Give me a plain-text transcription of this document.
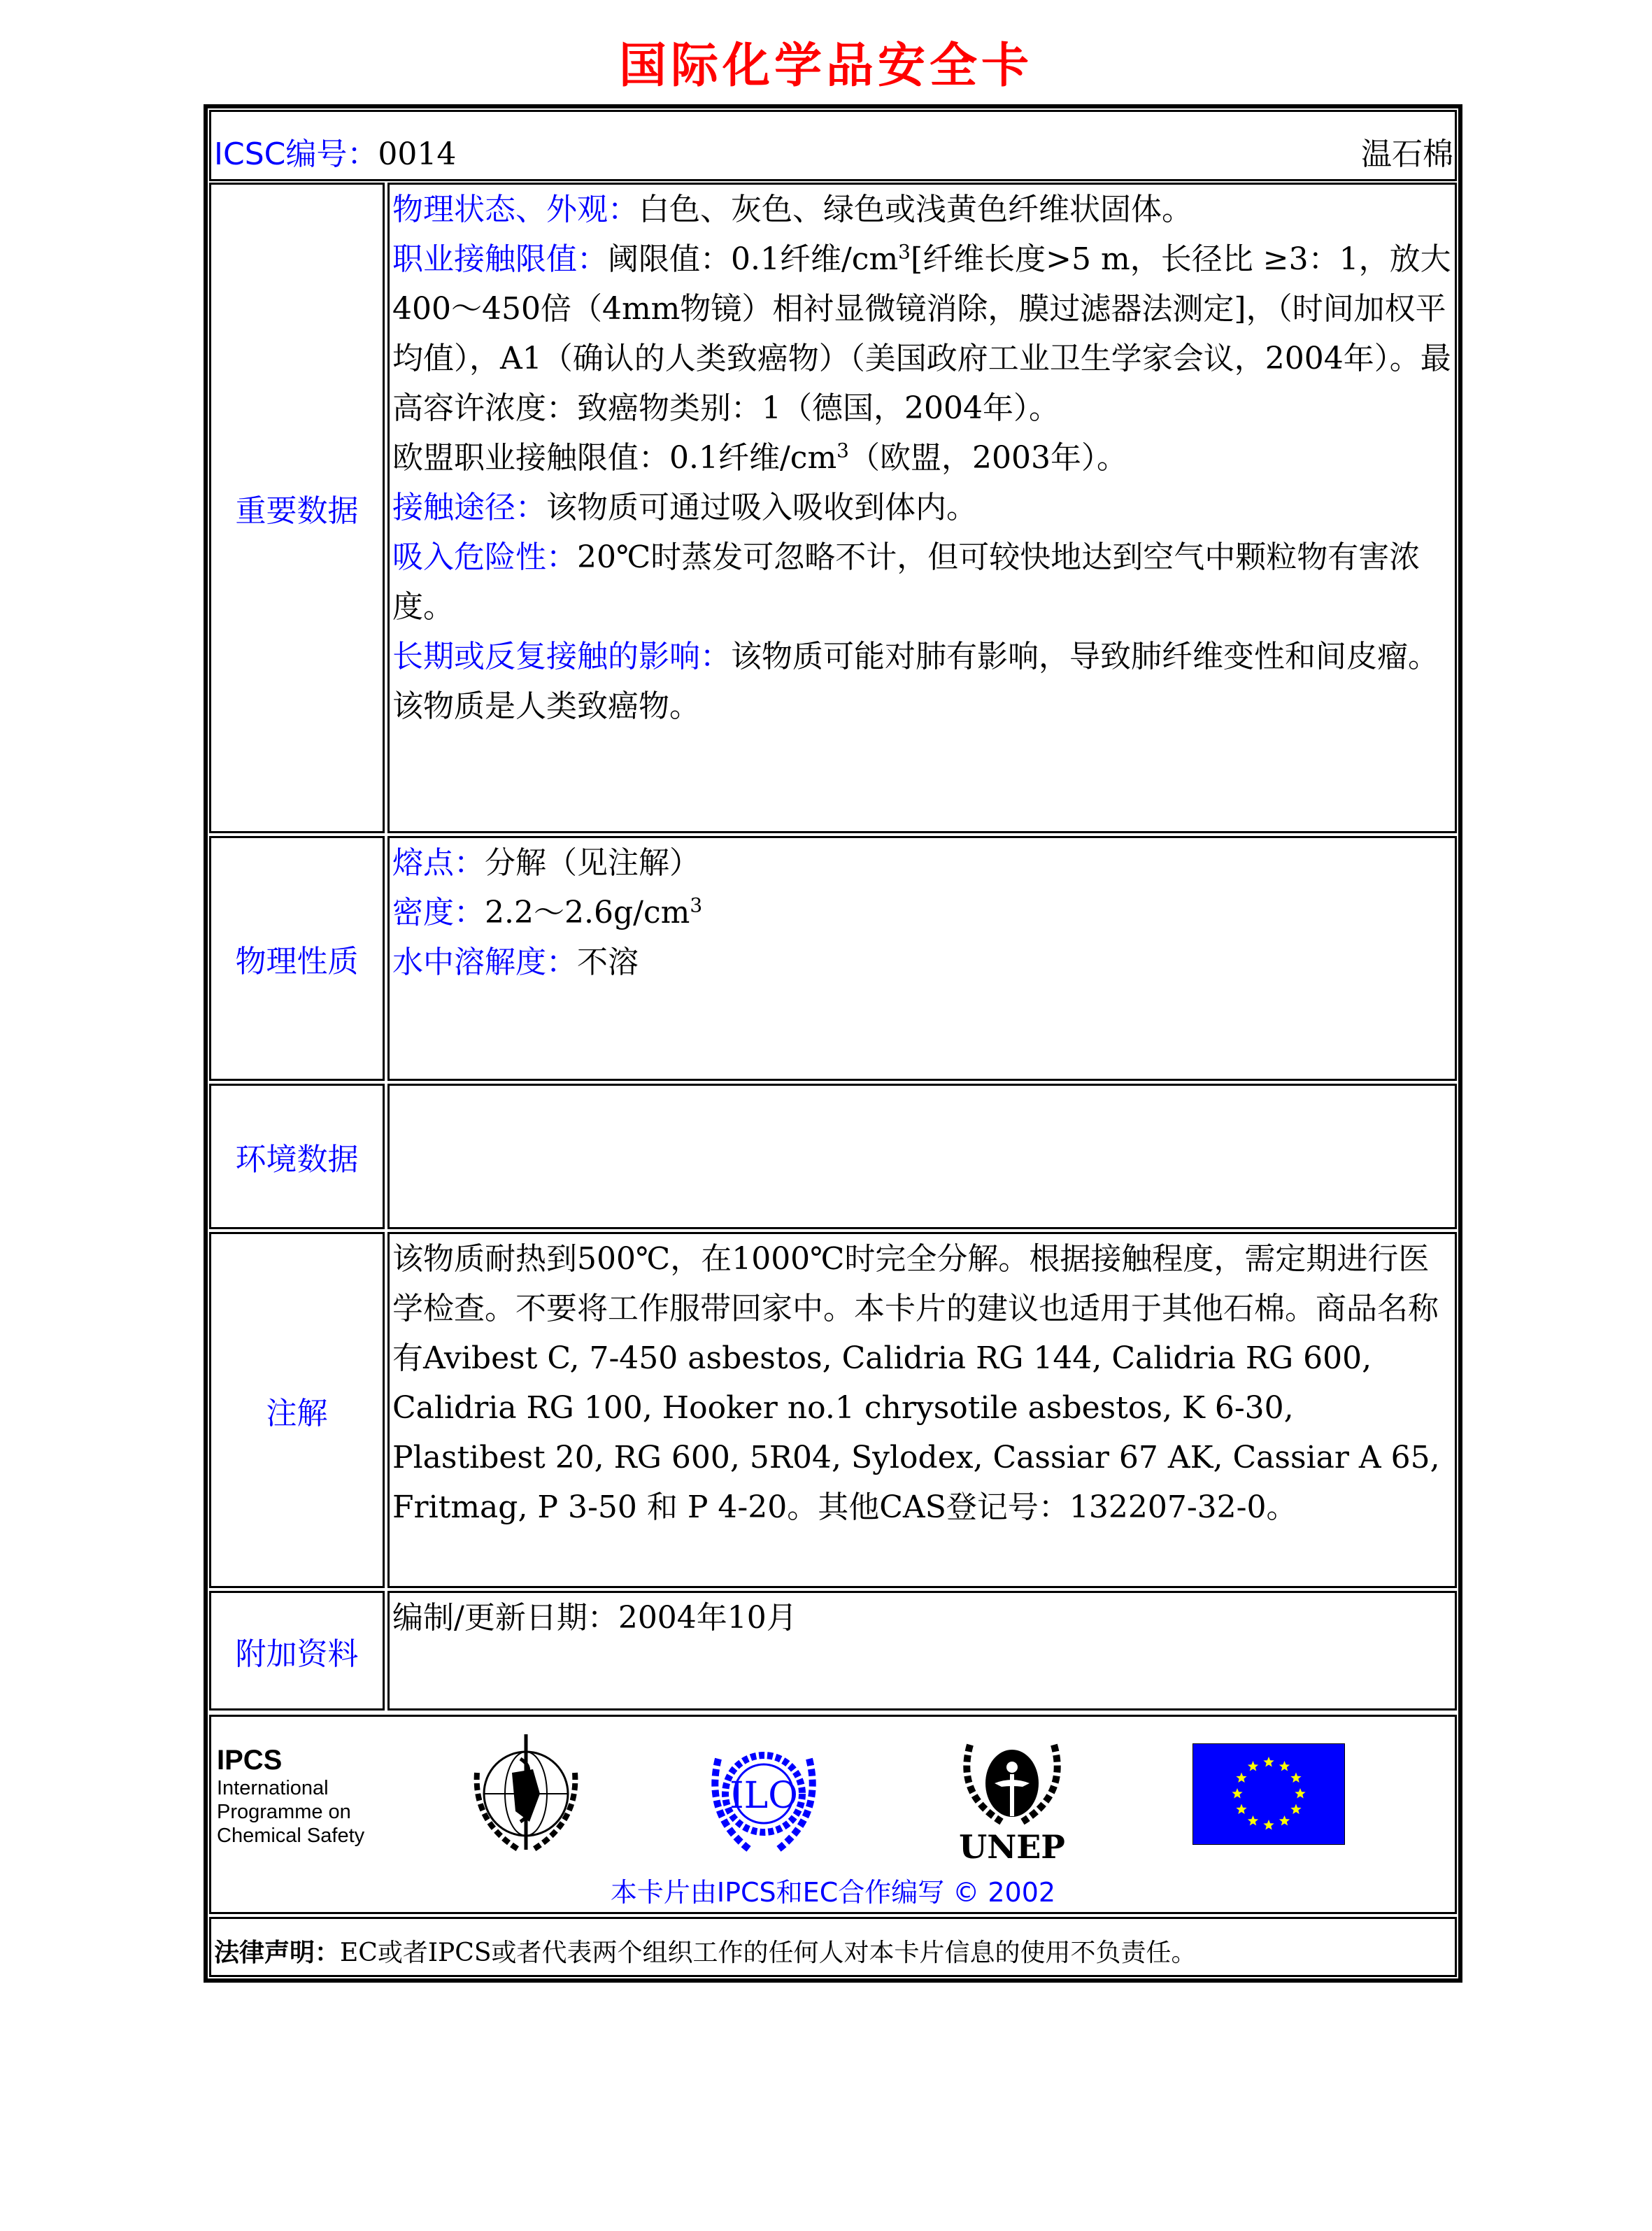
国际化学品安全卡
ICSC编号：0014	温石棉
重要数据
物理状态、外观：白色、灰色、绿色或浅黄色纤维状固体。
职业接触限值：阈限值：0.1纤维$/cm^3$[纤维长度>5 m，长径比 ≥3：1，放大400～450倍（4mm物镜）相衬显微镜消除，膜过滤器法测定]，（时间加权平均值），A1（确认的人类致癌物）（美国政府工业卫生学家会议，2004年）。最高容许浓度：致癌物类别：1（德国，2004年）。
欧盟职业接触限值：0.1纤维$/cm^3$（欧盟，2003年）。
接触途径：该物质可通过吸入吸收到体内。
吸入危险性：20℃时蒸发可忽略不计，但可较快地达到空气中颗粒物有害浓度。
长期或反复接触的影响：该物质可能对肺有影响，导致肺纤维变性和间皮瘤。该物质是人类致癌物。
物理性质
熔点：分解（见注解）
密度：$2.2\sim 2.6g/cm^3$
水中溶解度：不溶
环境数据
注解
该物质耐热到500℃，在1000℃时完全分解。根据接触程度，需定期进行医学检查。不要将工作服带回家中。本卡片的建议也适用于其他石棉。商品名称有Avibest C, 7-450 asbestos, Calidria RG 144, Calidria RG 600, Calidria RG 100, Hooker no.1 chrysotile asbestos, K 6-30, Plastibest 20, RG 600, 5R04, Sylodex, Cassiar 67 AK, Cassiar A 65, Fritmag, P 3-50 和 P 4-20。其他CAS登记号：132207-32-0。
附加资料
编制/更新日期：2004年10月
IPCS
International
Programme on
Chemical Safety
ILO
UNEP
本卡片由IPCS和EC合作编写 © 2002
法律声明：EC或者IPCS或者代表两个组织工作的任何人对本卡片信息的使用不负责任。
